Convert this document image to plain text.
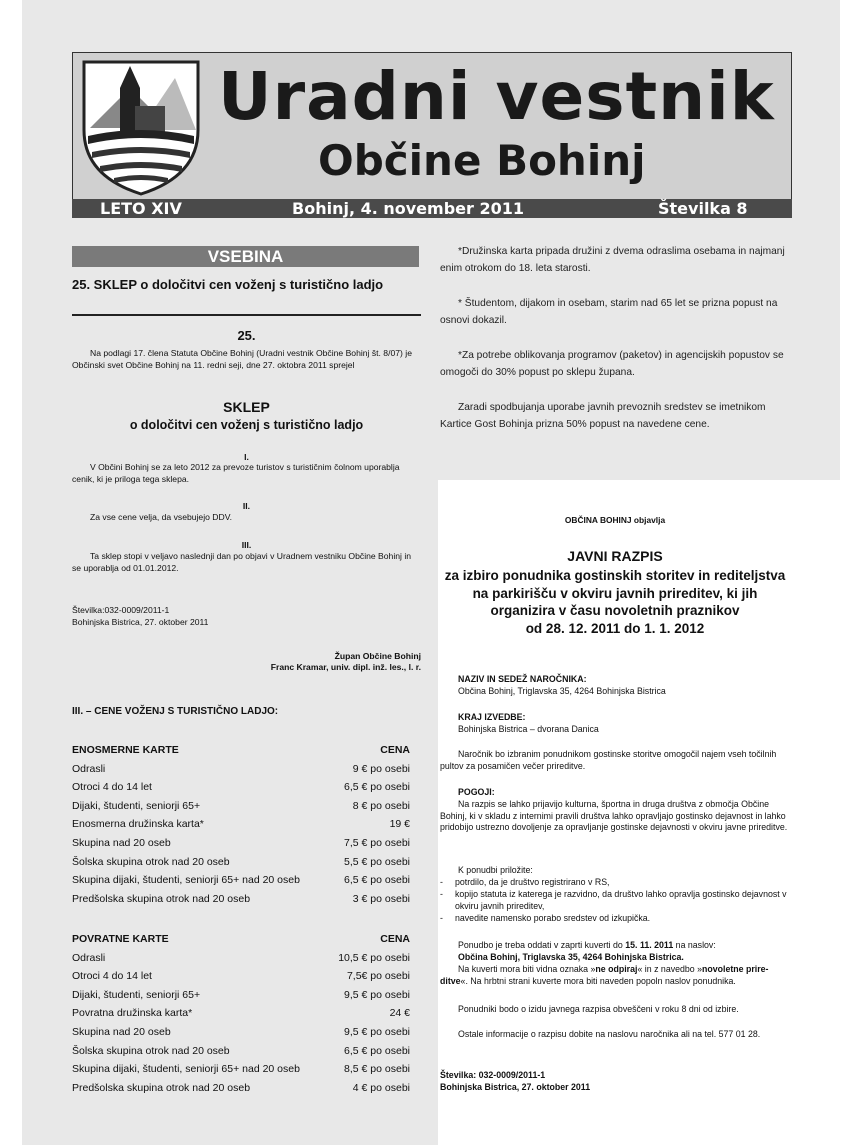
Uradni vestnik
Občine Bohinj
LETO XIV	Bohinj, 4. november 2011	Številka 8
VSEBINA
25. SKLEP o določitvi cen voženj s turistično ladjo
25.
Na podlagi 17. člena Statuta Občine Bohinj (Uradni vestnik Občine Bohinj št. 8/07) je Občinski svet Občine Bohinj na 11. redni seji, dne 27. oktobra 2011 sprejel
SKLEP
o določitvi cen voženj s turistično ladjo
I.
V Občini Bohinj se za leto 2012 za prevoze turistov s turističnim čolnom uporablja cenik, ki je priloga tega sklepa.
II.
Za vse cene velja, da vsebujejo DDV.
III.
Ta sklep stopi v veljavo naslednji dan po objavi v Uradnem vestniku Občine Bohinj in se uporablja od 01.01.2012.
Številka:032-0009/2011-1
Bohinjska Bistrica, 27. oktober 2011
Župan Občine Bohinj
Franc Kramar, univ. dipl. inž. les., l. r.
III. – CENE VOŽENJ S TURISTIČNO LADJO:
ENOSMERNE KARTE	CENA
Odrasli	9 € po osebi
Otroci 4 do 14 let	6,5 € po osebi
Dijaki, študenti, seniorji 65+	8 € po osebi
Enosmerna družinska karta*	19 €
Skupina nad 20 oseb	7,5 € po osebi
Šolska skupina otrok nad 20 oseb	5,5 € po osebi
Skupina dijaki, študenti, seniorji 65+ nad 20 oseb	6,5 € po osebi
Predšolska skupina otrok nad 20 oseb	3 € po osebi
POVRATNE KARTE	CENA
Odrasli	10,5 € po osebi
Otroci 4 do 14 let	7,5€ po osebi
Dijaki, študenti, seniorji 65+	9,5 € po osebi
Povratna družinska karta*	24 €
Skupina nad 20 oseb	9,5 € po osebi
Šolska skupina otrok nad 20 oseb	6,5 € po osebi
Skupina dijaki, študenti, seniorji 65+ nad 20 oseb	8,5 € po osebi
Predšolska skupina otrok nad 20 oseb	4 € po osebi
*Družinska karta pripada družini z dvema odraslima osebama in najmanj enim otrokom do 18. leta starosti.
* Študentom, dijakom in osebam, starim nad 65 let se prizna popust na osnovi dokazil.
*Za potrebe oblikovanja programov (paketov) in agencijskih popustov se omogoči do 30% popust po sklepu župana.
Zaradi spodbujanja uporabe javnih prevoznih sredstev se imetnikom Kartice Gost Bohinja prizna 50% popust na navedene cene.
OBČINA BOHINJ objavlja
JAVNI RAZPIS
za izbiro ponudnika gostinskih storitev in rediteljstva
na parkirišču v okviru javnih prireditev, ki jih
organizira v času novoletnih praznikov
od 28. 12. 2011 do 1. 1. 2012
NAZIV IN SEDEŽ NAROČNIKA:
Občina Bohinj, Triglavska 35, 4264 Bohinjska Bistrica
KRAJ IZVEDBE:
Bohinjska Bistrica – dvorana Danica
Naročnik bo izbranim ponudnikom gostinske storitve omogočil najem vseh točilnih pultov za posamičen večer prireditve.
POGOJI:
Na razpis se lahko prijavijo kulturna, športna in druga društva z območja Občine Bohinj, ki v skladu z internimi pravili društva lahko opravljajo gostinsko dejavnost in lahko pridobijo ustrezno dovoljenje za opravljanje gostinske dejavnosti v okviru javne prireditve.
K ponudbi priložite:
- potrdilo, da je društvo registrirano v RS,
- kopijo statuta iz katerega je razvidno, da društvo lahko opravlja gostinsko dejavnost v okviru javnih prireditev,
- navedite namensko porabo sredstev od izkupička.
Ponudbo je treba oddati v zaprti kuverti do 15. 11. 2011 na naslov:
Občina Bohinj, Triglavska 35, 4264 Bohinjska Bistrica.
Na kuverti mora biti vidna oznaka »ne odpiraj« in z navedbo »novoletne prire-ditve«. Na hrbtni strani kuverte mora biti naveden popoln naslov ponudnika.
Ponudniki bodo o izidu javnega razpisa obveščeni v roku 8 dni od izbire.
Ostale informacije o razpisu dobite na naslovu naročnika ali na tel. 577 01 28.
Številka: 032-0009/2011-1
Bohinjska Bistrica, 27. oktober 2011
